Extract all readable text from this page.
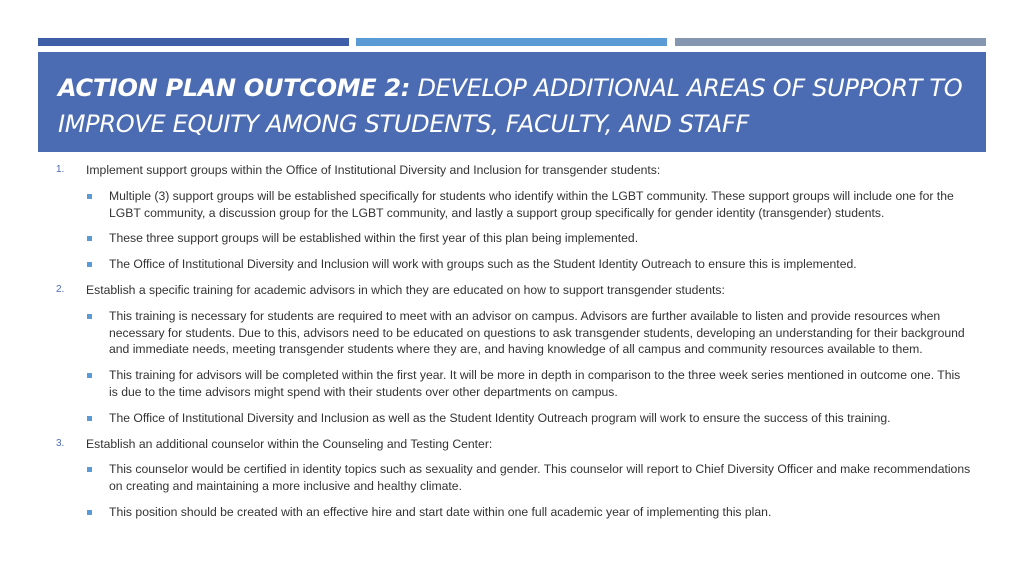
ACTION PLAN OUTCOME 2: DEVELOP ADDITIONAL AREAS OF SUPPORT TO IMPROVE EQUITY AMONG STUDENTS, FACULTY, AND STAFF
1. Implement support groups within the Office of Institutional Diversity and Inclusion for transgender students:
Multiple (3) support groups will be established specifically for students who identify within the LGBT community. These support groups will include one for the LGBT community, a discussion group for the LGBT community, and lastly a support group specifically for gender identity (transgender) students.
These three support groups will be established within the first year of this plan being implemented.
The Office of Institutional Diversity and Inclusion will work with groups such as the Student Identity Outreach to ensure this is implemented.
2. Establish a specific training for academic advisors in which they are educated on how to support transgender students:
This training is necessary for students are required to meet with an advisor on campus. Advisors are further available to listen and provide resources when necessary for students. Due to this, advisors need to be educated on questions to ask transgender students, developing an understanding for their background and immediate needs, meeting transgender students where they are, and having knowledge of all campus and community resources available to them.
This training for advisors will be completed within the first year. It will be more in depth in comparison to the three week series mentioned in outcome one. This is due to the time advisors might spend with their students over other departments on campus.
The Office of Institutional Diversity and Inclusion as well as the Student Identity Outreach program will work to ensure the success of this training.
3. Establish an additional counselor within the Counseling and Testing Center:
This counselor would be certified in identity topics such as sexuality and gender. This counselor will report to Chief Diversity Officer and make recommendations on creating and maintaining a more inclusive and healthy climate.
This position should be created with an effective hire and start date within one full academic year of implementing this plan.
